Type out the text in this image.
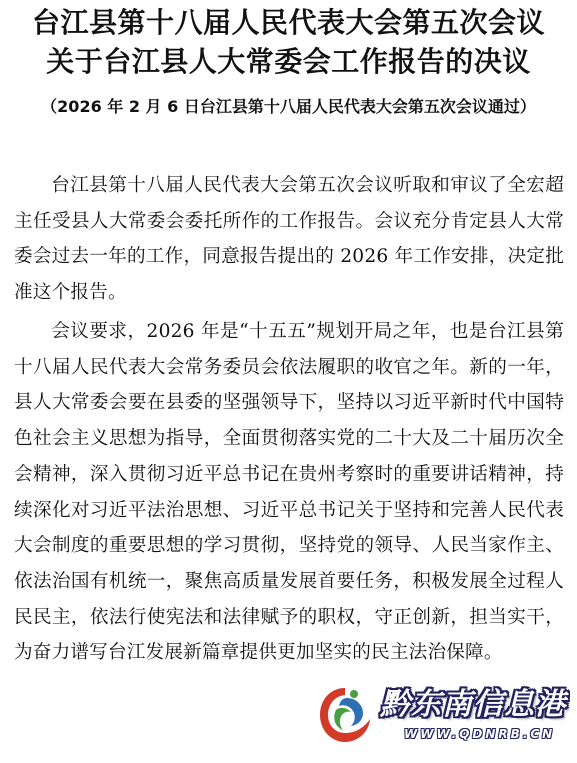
台江县第十八届人民代表大会第五次会议
关于台江县人大常委会工作报告的决议
（2026 年 2 月 6 日台江县第十八届人民代表大会第五次会议通过）

台江县第十八届人民代表大会第五次会议听取和审议了全宏超主任受县人大常委会委托所作的工作报告。会议充分肯定县人大常委会过去一年的工作，同意报告提出的 2026 年工作安排，决定批准这个报告。

会议要求，2026 年是“十五五”规划开局之年，也是台江县第十八届人民代表大会常务委员会依法履职的收官之年。新的一年，县人大常委会要在县委的坚强领导下，坚持以习近平新时代中国特色社会主义思想为指导，全面贯彻落实党的二十大及二十届历次全会精神，深入贯彻习近平总书记在贵州考察时的重要讲话精神，持续深化对习近平法治思想、习近平总书记关于坚持和完善人民代表大会制度的重要思想的学习贯彻，坚持党的领导、人民当家作主、依法治国有机统一，聚焦高质量发展首要任务，积极发展全过程人民民主，依法行使宪法和法律赋予的职权，守正创新，担当实干，为奋力谱写台江发展新篇章提供更加坚实的民主法治保障。

黔东南信息港
WWW.QDNRB.CN
